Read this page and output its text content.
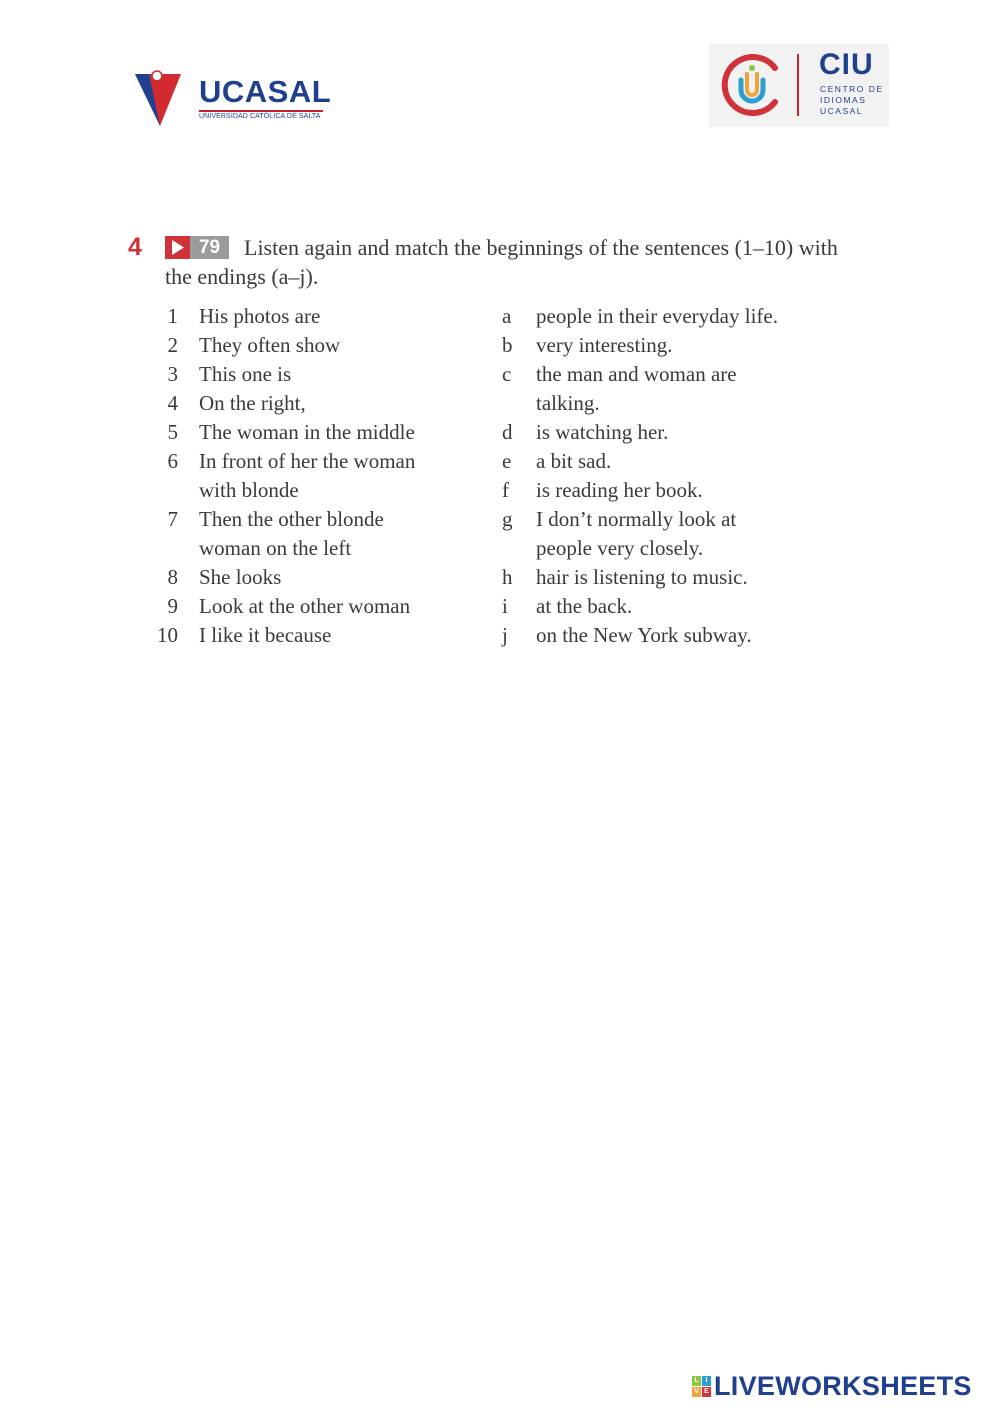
UCASAL
UNIVERSIDAD CATÓLICA DE SALTA
CIU
CENTRO DE
IDIOMAS
UCASAL
4	79	Listen again and match the beginnings of the sentences (1–10) with the endings (a–j).
1 His photos are	a people in their everyday life.
2 They often show	b very interesting.
3 This one is	c the man and woman are
4 On the right,	talking.
5 The woman in the middle	d is watching her.
6 In front of her the woman	e a bit sad.
with blonde	f is reading her book.
7 Then the other blonde	g I don’t normally look at
woman on the left	people very closely.
8 She looks	h hair is listening to music.
9 Look at the other woman	i at the back.
10 I like it because	j on the New York subway.
L I
V E LIVEWORKSHEETS
